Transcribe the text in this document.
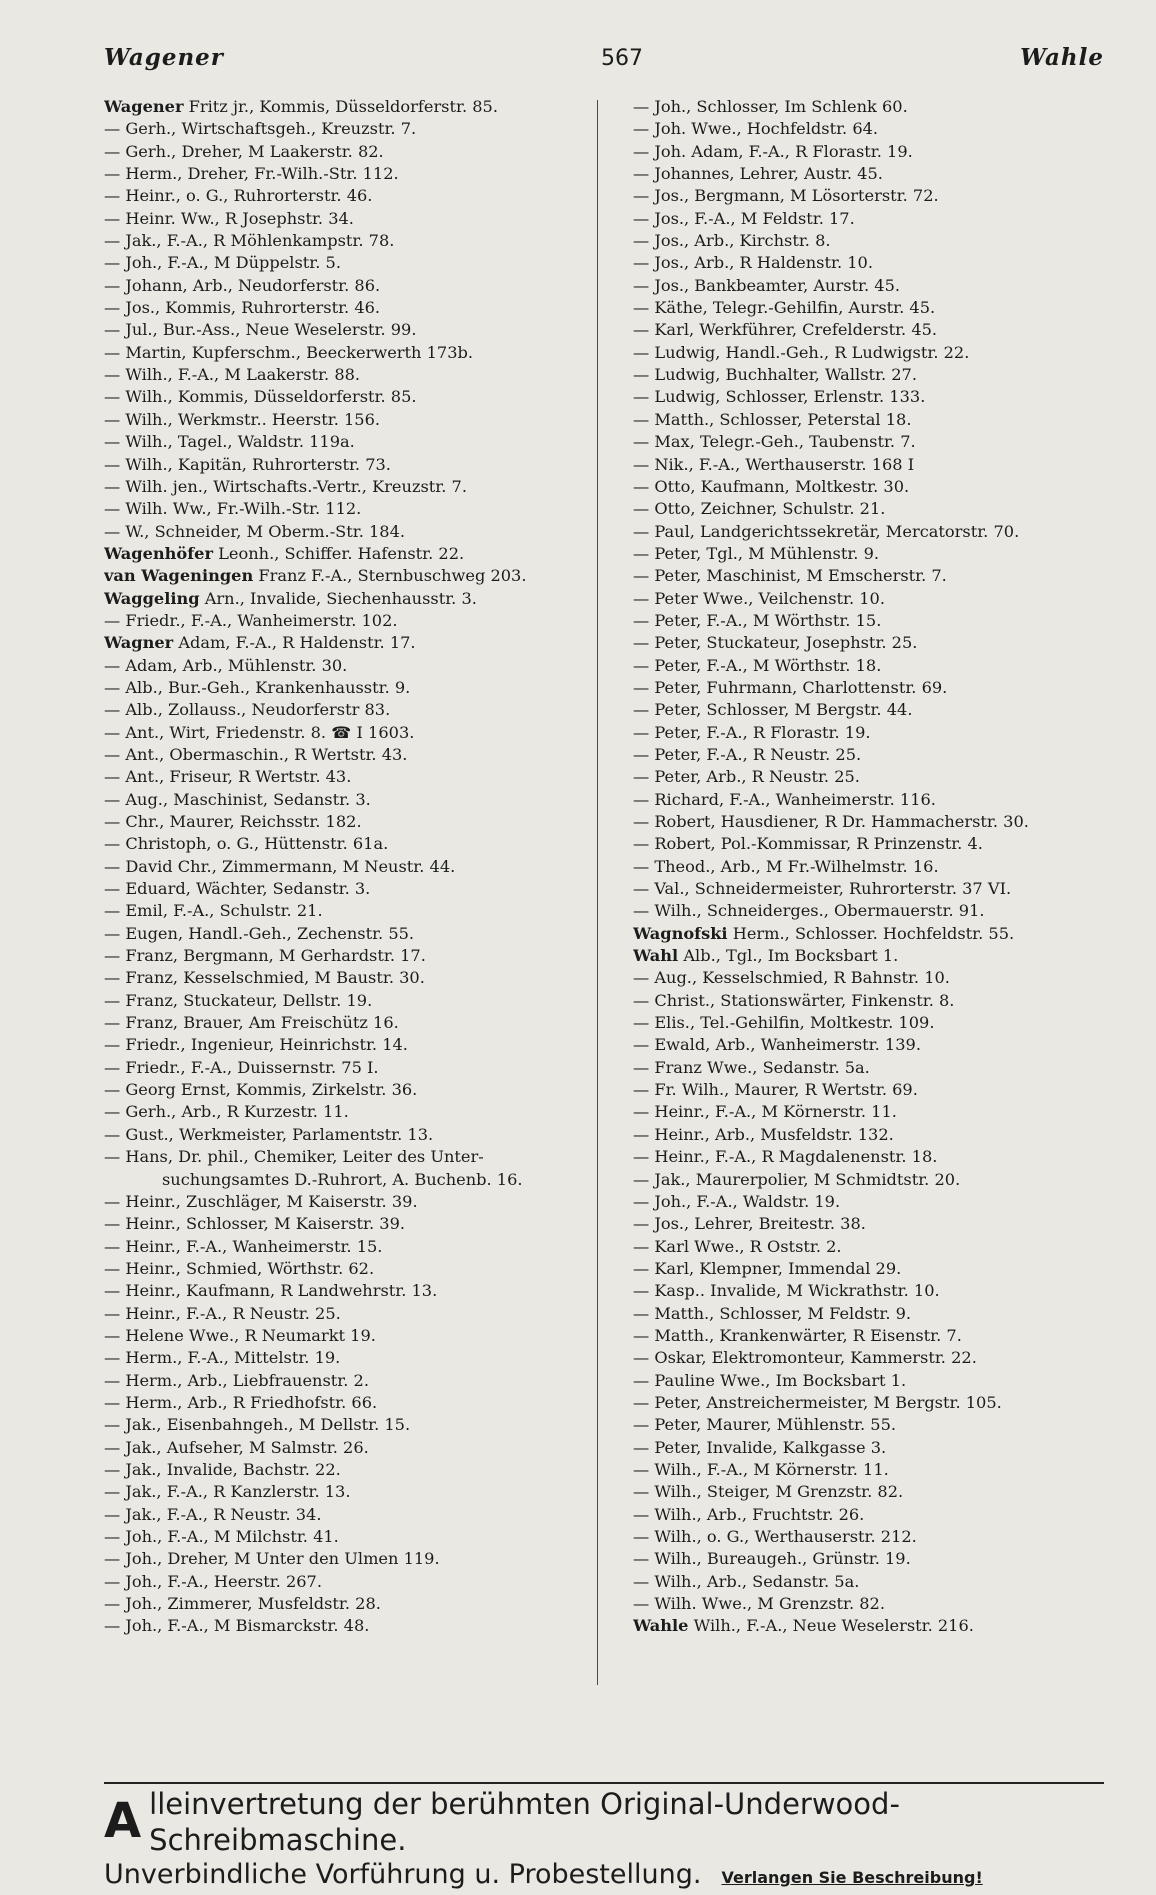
Wagener	567	Wahle
Wagener Fritz jr., Kommis, Düsseldorferstr. 85.
— Gerh., Wirtschaftsgeh., Kreuzstr. 7.
— Gerh., Dreher, M Laakerstr. 82.
— Herm., Dreher, Fr.-Wilh.-Str. 112.
— Heinr., o. G., Ruhrorterstr. 46.
— Heinr. Ww., R Josephstr. 34.
— Jak., F.-A., R Möhlenkampstr. 78.
— Joh., F.-A., M Düppelstr. 5.
— Johann, Arb., Neudorferstr. 86.
— Jos., Kommis, Ruhrorterstr. 46.
— Jul., Bur.-Ass., Neue Weselerstr. 99.
— Martin, Kupferschm., Beeckerwerth 173b.
— Wilh., F.-A., M Laakerstr. 88.
— Wilh., Kommis, Düsseldorferstr. 85.
— Wilh., Werkmstr.. Heerstr. 156.
— Wilh., Tagel., Waldstr. 119a.
— Wilh., Kapitän, Ruhrorterstr. 73.
— Wilh. jen., Wirtschafts.-Vertr., Kreuzstr. 7.
— Wilh. Ww., Fr.-Wilh.-Str. 112.
— W., Schneider, M Oberm.-Str. 184.
Wagenhöfer Leonh., Schiffer. Hafenstr. 22.
van Wageningen Franz F.-A., Sternbuschweg 203.
Waggeling Arn., Invalide, Siechenhausstr. 3.
— Friedr., F.-A., Wanheimerstr. 102.
Wagner Adam, F.-A., R Haldenstr. 17.
— Adam, Arb., Mühlenstr. 30.
— Alb., Bur.-Geh., Krankenhausstr. 9.
— Alb., Zollauss., Neudorferstr 83.
— Ant., Wirt, Friedenstr. 8. ☎ I 1603.
— Ant., Obermaschin., R Wertstr. 43.
— Ant., Friseur, R Wertstr. 43.
— Aug., Maschinist, Sedanstr. 3.
— Chr., Maurer, Reichsstr. 182.
— Christoph, o. G., Hüttenstr. 61a.
— David Chr., Zimmermann, M Neustr. 44.
— Eduard, Wächter, Sedanstr. 3.
— Emil, F.-A., Schulstr. 21.
— Eugen, Handl.-Geh., Zechenstr. 55.
— Franz, Bergmann, M Gerhardstr. 17.
— Franz, Kesselschmied, M Baustr. 30.
— Franz, Stuckateur, Dellstr. 19.
— Franz, Brauer, Am Freischütz 16.
— Friedr., Ingenieur, Heinrichstr. 14.
— Friedr., F.-A., Duissernstr. 75 I.
— Georg Ernst, Kommis, Zirkelstr. 36.
— Gerh., Arb., R Kurzestr. 11.
— Gust., Werkmeister, Parlamentstr. 13.
— Hans, Dr. phil., Chemiker, Leiter des Unter-
suchungsamtes D.-Ruhrort, A. Buchenb. 16.
— Heinr., Zuschläger, M Kaiserstr. 39.
— Heinr., Schlosser, M Kaiserstr. 39.
— Heinr., F.-A., Wanheimerstr. 15.
— Heinr., Schmied, Wörthstr. 62.
— Heinr., Kaufmann, R Landwehrstr. 13.
— Heinr., F.-A., R Neustr. 25.
— Helene Wwe., R Neumarkt 19.
— Herm., F.-A., Mittelstr. 19.
— Herm., Arb., Liebfrauenstr. 2.
— Herm., Arb., R Friedhofstr. 66.
— Jak., Eisenbahngeh., M Dellstr. 15.
— Jak., Aufseher, M Salmstr. 26.
— Jak., Invalide, Bachstr. 22.
— Jak., F.-A., R Kanzlerstr. 13.
— Jak., F.-A., R Neustr. 34.
— Joh., F.-A., M Milchstr. 41.
— Joh., Dreher, M Unter den Ulmen 119.
— Joh., F.-A., Heerstr. 267.
— Joh., Zimmerer, Musfeldstr. 28.
— Joh., F.-A., M Bismarckstr. 48.
— Joh., Schlosser, Im Schlenk 60.
— Joh. Wwe., Hochfeldstr. 64.
— Joh. Adam, F.-A., R Florastr. 19.
— Johannes, Lehrer, Austr. 45.
— Jos., Bergmann, M Lösorterstr. 72.
— Jos., F.-A., M Feldstr. 17.
— Jos., Arb., Kirchstr. 8.
— Jos., Arb., R Haldenstr. 10.
— Jos., Bankbeamter, Aurstr. 45.
— Käthe, Telegr.-Gehilfin, Aurstr. 45.
— Karl, Werkführer, Crefelderstr. 45.
— Ludwig, Handl.-Geh., R Ludwigstr. 22.
— Ludwig, Buchhalter, Wallstr. 27.
— Ludwig, Schlosser, Erlenstr. 133.
— Matth., Schlosser, Peterstal 18.
— Max, Telegr.-Geh., Taubenstr. 7.
— Nik., F.-A., Werthauserstr. 168 I
— Otto, Kaufmann, Moltkestr. 30.
— Otto, Zeichner, Schulstr. 21.
— Paul, Landgerichtssekretär, Mercatorstr. 70.
— Peter, Tgl., M Mühlenstr. 9.
— Peter, Maschinist, M Emscherstr. 7.
— Peter Wwe., Veilchenstr. 10.
— Peter, F.-A., M Wörthstr. 15.
— Peter, Stuckateur, Josephstr. 25.
— Peter, F.-A., M Wörthstr. 18.
— Peter, Fuhrmann, Charlottenstr. 69.
— Peter, Schlosser, M Bergstr. 44.
— Peter, F.-A., R Florastr. 19.
— Peter, F.-A., R Neustr. 25.
— Peter, Arb., R Neustr. 25.
— Richard, F.-A., Wanheimerstr. 116.
— Robert, Hausdiener, R Dr. Hammacherstr. 30.
— Robert, Pol.-Kommissar, R Prinzenstr. 4.
— Theod., Arb., M Fr.-Wilhelmstr. 16.
— Val., Schneidermeister, Ruhrorterstr. 37 VI.
— Wilh., Schneiderges., Obermauerstr. 91.
Wagnofski Herm., Schlosser. Hochfeldstr. 55.
Wahl Alb., Tgl., Im Bocksbart 1.
— Aug., Kesselschmied, R Bahnstr. 10.
— Christ., Stationswärter, Finkenstr. 8.
— Elis., Tel.-Gehilfin, Moltkestr. 109.
— Ewald, Arb., Wanheimerstr. 139.
— Franz Wwe., Sedanstr. 5a.
— Fr. Wilh., Maurer, R Wertstr. 69.
— Heinr., F.-A., M Körnerstr. 11.
— Heinr., Arb., Musfeldstr. 132.
— Heinr., F.-A., R Magdalenenstr. 18.
— Jak., Maurerpolier, M Schmidtstr. 20.
— Joh., F.-A., Waldstr. 19.
— Jos., Lehrer, Breitestr. 38.
— Karl Wwe., R Oststr. 2.
— Karl, Klempner, Immendal 29.
— Kasp.. Invalide, M Wickrathstr. 10.
— Matth., Schlosser, M Feldstr. 9.
— Matth., Krankenwärter, R Eisenstr. 7.
— Oskar, Elektromonteur, Kammerstr. 22.
— Pauline Wwe., Im Bocksbart 1.
— Peter, Anstreichermeister, M Bergstr. 105.
— Peter, Maurer, Mühlenstr. 55.
— Peter, Invalide, Kalkgasse 3.
— Wilh., F.-A., M Körnerstr. 11.
— Wilh., Steiger, M Grenzstr. 82.
— Wilh., Arb., Fruchtstr. 26.
— Wilh., o. G., Werthauserstr. 212.
— Wilh., Bureaugeh., Grünstr. 19.
— Wilh., Arb., Sedanstr. 5a.
— Wilh. Wwe., M Grenzstr. 82.
Wahle Wilh., F.-A., Neue Weselerstr. 216.
A lleinvertretung der berühmten Original-Underwood-Schreibmaschine.
Unverbindliche Vorführung u. Probestellung. Verlangen Sie Beschreibung!
